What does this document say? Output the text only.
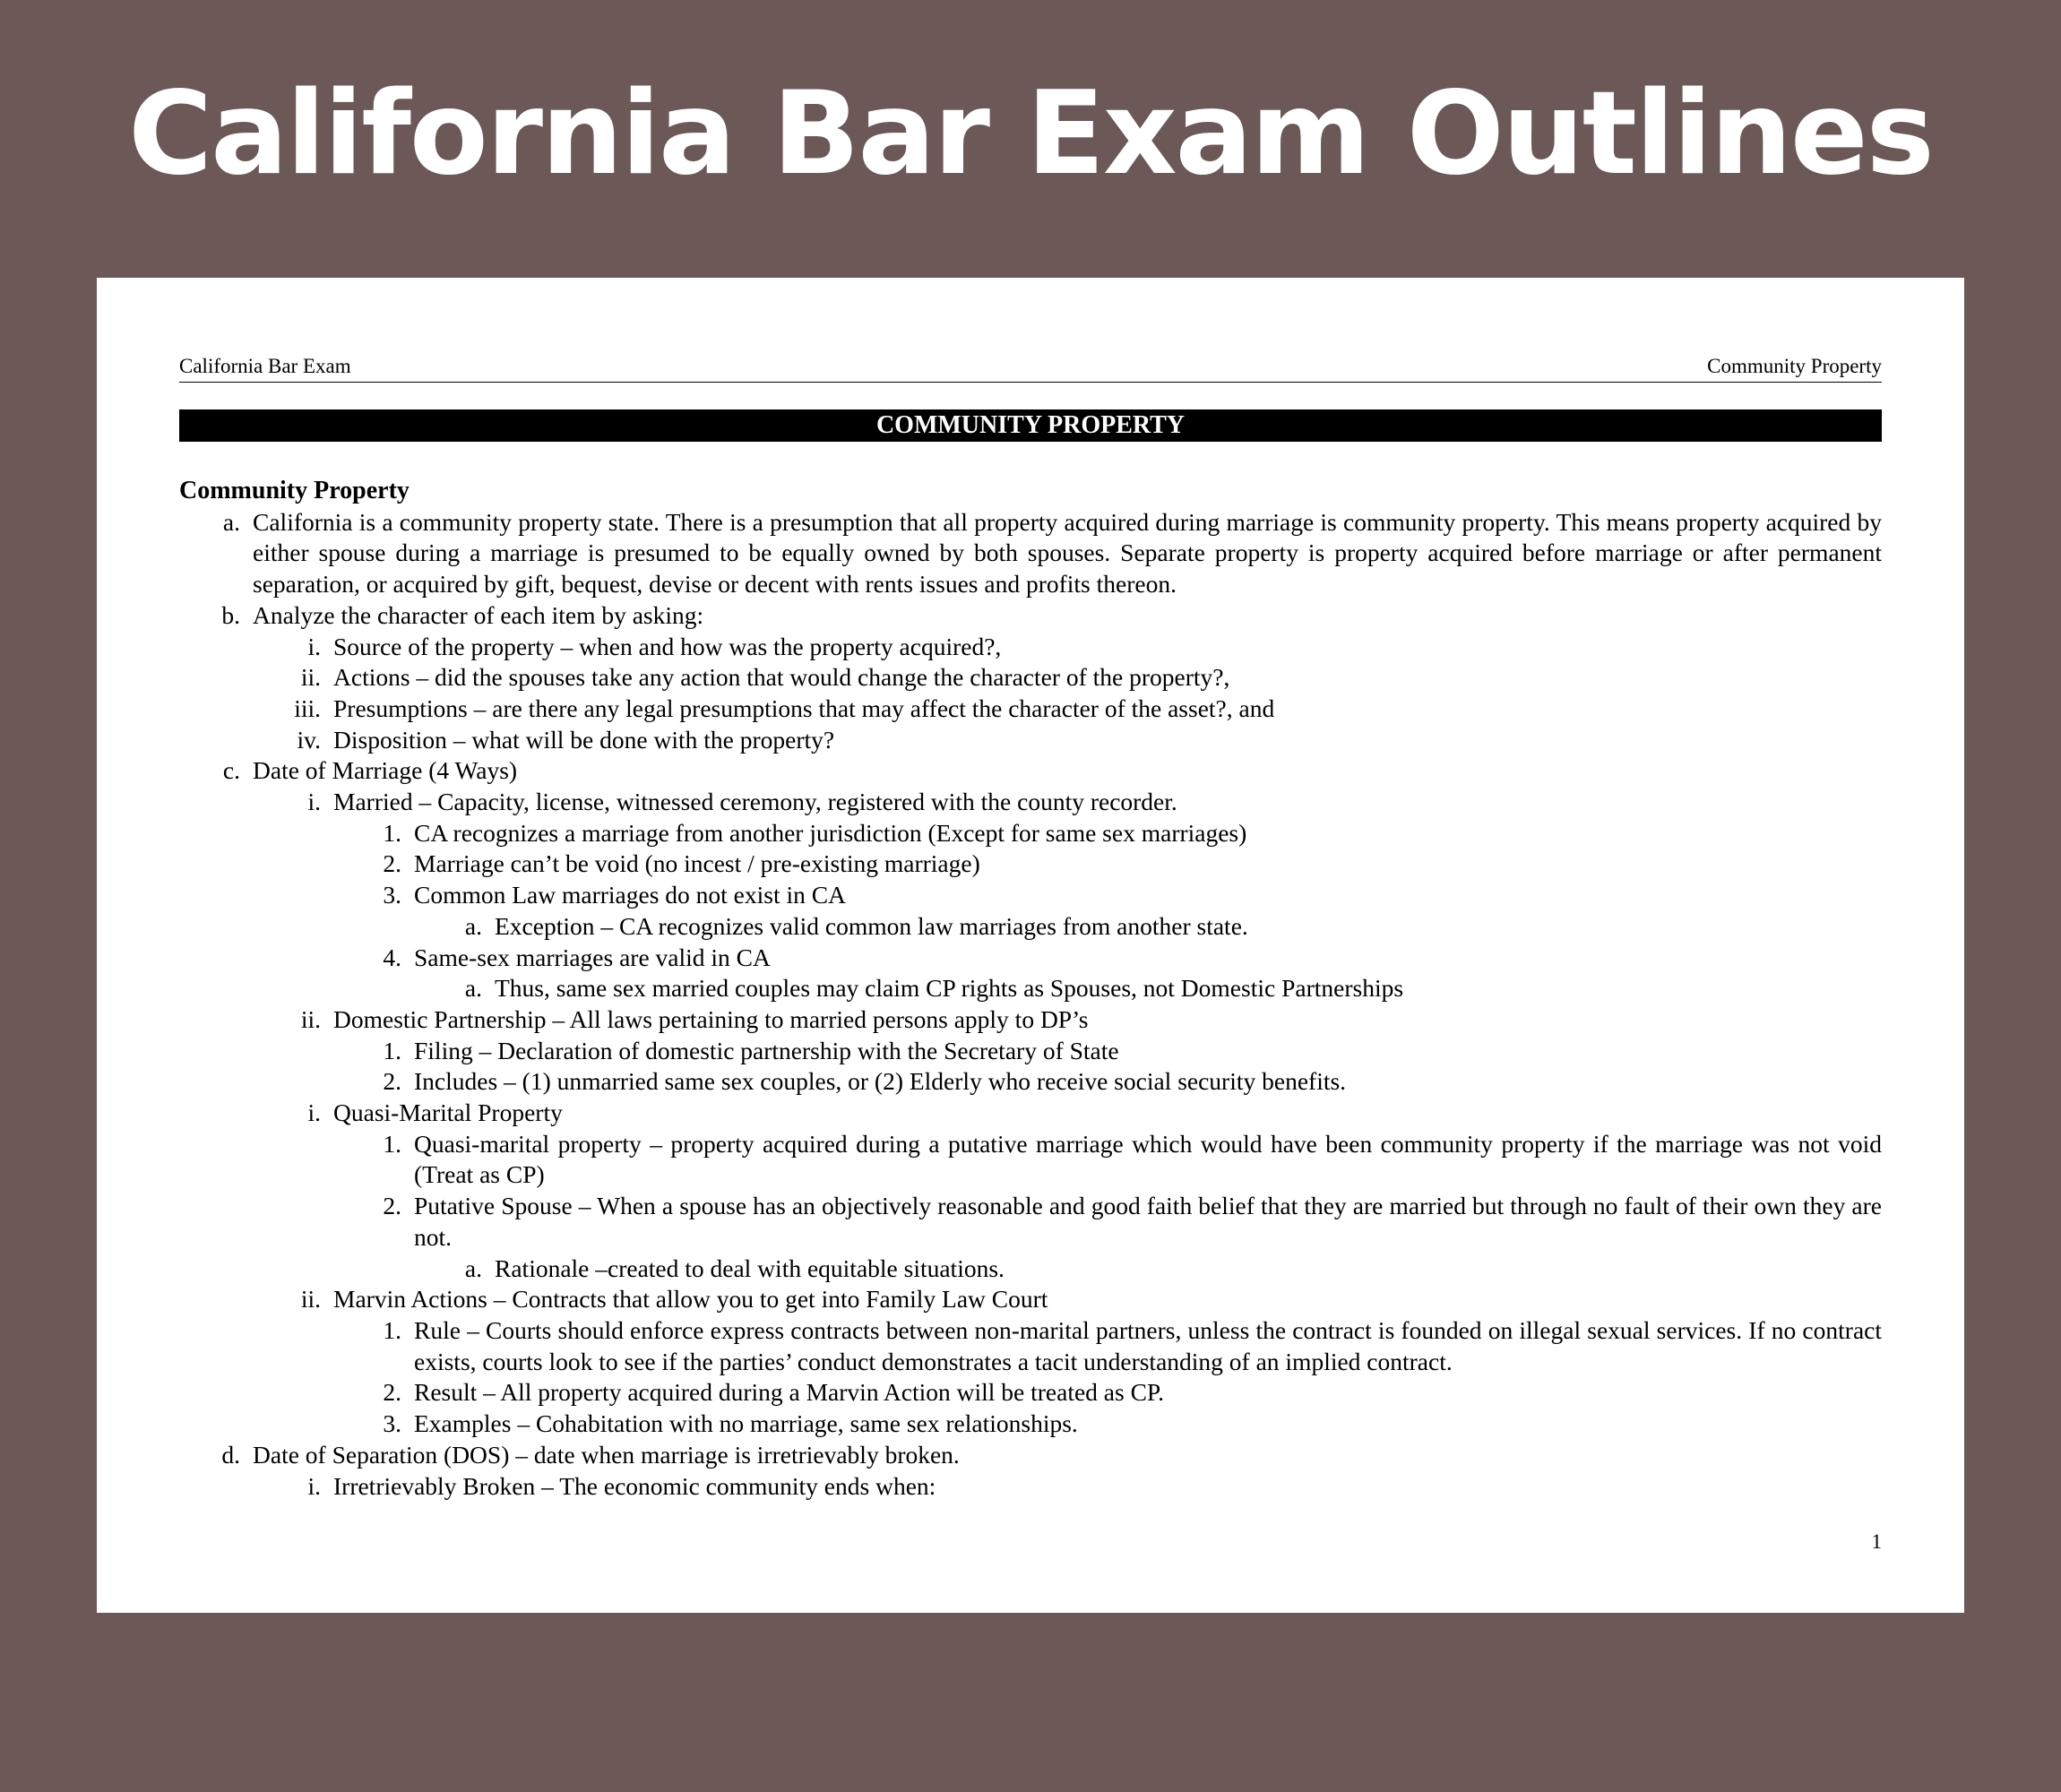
California Bar Exam Outlines
California Bar Exam	Community Property
COMMUNITY PROPERTY
Community Property
a. California is a community property state. There is a presumption that all property acquired during marriage is community property. This means property acquired by either spouse during a marriage is presumed to be equally owned by both spouses. Separate property is property acquired before marriage or after permanent separation, or acquired by gift, bequest, devise or decent with rents issues and profits thereon.
b. Analyze the character of each item by asking:
i. Source of the property – when and how was the property acquired?,
ii. Actions – did the spouses take any action that would change the character of the property?,
iii. Presumptions – are there any legal presumptions that may affect the character of the asset?, and
iv. Disposition – what will be done with the property?
c. Date of Marriage (4 Ways)
i. Married – Capacity, license, witnessed ceremony, registered with the county recorder.
1. CA recognizes a marriage from another jurisdiction (Except for same sex marriages)
2. Marriage can’t be void (no incest / pre-existing marriage)
3. Common Law marriages do not exist in CA
a. Exception – CA recognizes valid common law marriages from another state.
4. Same-sex marriages are valid in CA
a. Thus, same sex married couples may claim CP rights as Spouses, not Domestic Partnerships
ii. Domestic Partnership – All laws pertaining to married persons apply to DP’s
1. Filing – Declaration of domestic partnership with the Secretary of State
2. Includes – (1) unmarried same sex couples, or (2) Elderly who receive social security benefits.
i. Quasi-Marital Property
1. Quasi-marital property – property acquired during a putative marriage which would have been community property if the marriage was not void (Treat as CP)
2. Putative Spouse – When a spouse has an objectively reasonable and good faith belief that they are married but through no fault of their own they are not.
a. Rationale –created to deal with equitable situations.
ii. Marvin Actions – Contracts that allow you to get into Family Law Court
1. Rule – Courts should enforce express contracts between non-marital partners, unless the contract is founded on illegal sexual services. If no contract exists, courts look to see if the parties’ conduct demonstrates a tacit understanding of an implied contract.
2. Result – All property acquired during a Marvin Action will be treated as CP.
3. Examples – Cohabitation with no marriage, same sex relationships.
d. Date of Separation (DOS) – date when marriage is irretrievably broken.
i. Irretrievably Broken – The economic community ends when:
1
